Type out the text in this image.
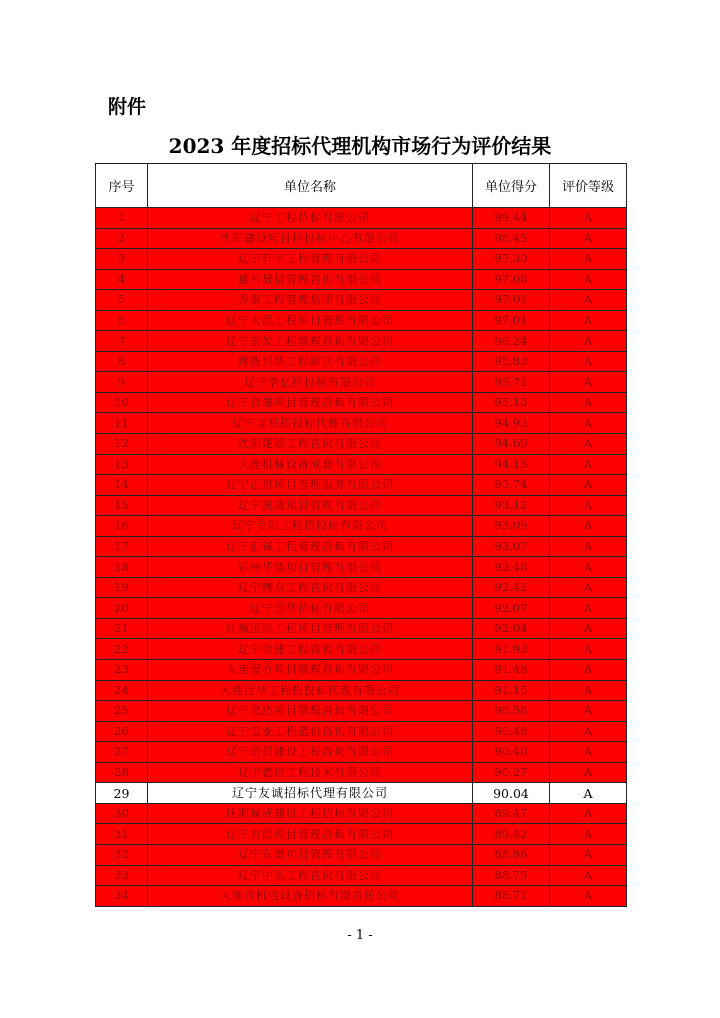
附件
2023 年度招标代理机构市场行为评价结果
序号	单位名称	单位得分	评价等级
1	辽宁工程招标有限公司	99.44	A
2	沈阳建设项目招投标中心有限公司	98.45	A
3	辽宁轩宇工程管理有限公司	97.30	A
4	通利晟信管理咨询有限公司	97.06	A
5	乔泰工程管理集团有限公司	97.01	A
5	辽宁大泓工程项目管理有限公司	97.01	A
7	辽宁宏发工程管理咨询有限公司	96.24	A
8	博智兴华工程顾问有限公司	95.83	A
9	辽宁浩亿招投标有限公司	95.71	A
10	辽宁合建项目管理咨询有限公司	95.13	A
11	辽宁文星招投标代理有限公司	94.93	A
12	沈阳建联工程咨询有限公司	94.60	A
13	大连机械设备成套有限公司	94.15	A
14	辽宁正泉项目管理服务有限公司	93.74	A
15	辽宁凯隆项目管理有限公司	93.12	A
16	辽宁金阳工程招投标有限公司	93.09	A
17	辽宁汇诚工程管理咨询有限公司	93.07	A
18	锦州华隆项目管理有限公司	92.46	A
19	辽宁博众工程咨询有限公司	92.42	A
20	辽宁国华招标有限公司	92.07	A
21	红城国际工程项目管理有限公司	92.04	A
22	辽宁金建工程咨询有限公司	91.93	A
23	大连壹方项目管理咨询有限公司	91.48	A
24	大连泛华工程招投标代理有限公司	91.15	A
25	辽宁泓迈项目管理咨询有限公司	90.58	A
26	辽宁宝业工程造价咨询有限公司	90.48	A
27	辽宁金昌建设工程咨询有限公司	90.40	A
28	辽宁德信工程技术有限公司	90.27	A
29	辽宁友诚招标代理有限公司	90.04	A
30	抚顺诚成建设工程招标有限公司	89.47	A
31	辽宁方硕项目管理咨询有限公司	89.42	A
32	辽宁东奥项目管理有限公司	88.86	A
33	辽宁中弘工程咨询有限公司	88.79	A
34	大连市机电设备招标有限责任公司	88.71	A
- 1 -
